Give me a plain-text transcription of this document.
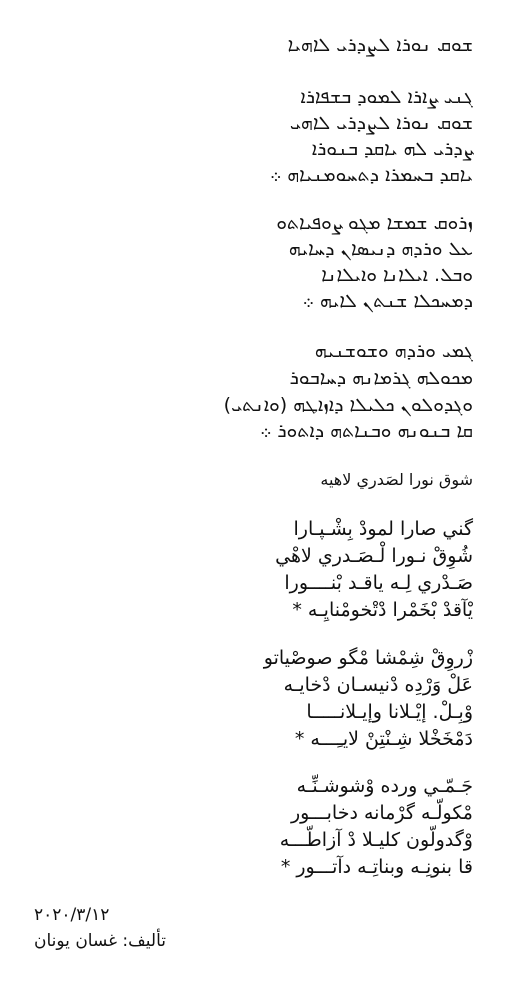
ܫܘܩ ܢܘܪܐ ܠܨܕܪܝ ܠܐܗܝܐ
ܓܢܝ ܨܐܪܐ ܠܡܘܕ ܒܫܦܐܪܐ
ܫܘܩ ܢܘܪܐ ܠܨܕܪܝ ܠܐܗܝ
ܨܕܪܝ ܠܗ ܝܐܩܕ ܒܢܘܪܐ
ܝܐܩܕ ܒܚܡܪܐ ܕܬܚܘܡܢܝܐܗ ܀
ܙܪܘܩ ܫܡܫܐ ܡܓܘ ܨܘܦܝܐܬܘ
ܥܠ ܘܪܕܗ ܕܢܝܣܐܢ ܕܚܐܝܗ
ܘܒܠ. ܐܝܠܐܢܐ ܘܐܝܠܐܢܐ
ܕܡܚܟܠܐ ܫܢܬܢ ܠܐܝܗ ܀
ܓܡܝ ܘܪܕܗ ܘܫܘܫܢܝܗ
ܡܟܘܠܗ ܓܪܡܐܢܗ ܕܚܐܒܘܪ
ܘܓܕܘܠܘܢ ܟܠܝܠܐ ܕܐܙܐܛܗ (ܘܐܢܬܝ)
ܩܐ ܒܢܘܢܗ ܘܒܢܐܬܗ ܕܐܬܘܪ ܀
شوق نورا لصَدري لاهيه
گني صارا لمودْ بِشْـپـارا
شُوِقْ نـورا لْـصَـدري لاهْي
صَـدْري لِـه ياقـد بْنــــورا
يْآقدْ بْخَمْرا دْتْخومْنايِـه *
زْروِقْ شِمْشا مْگو صوصْياتو
عَلْ وَرْدِه دْنيسـان دْخايـه
وْبِـلْ. إيْـلانا وإيـلانـــــا
دَمْخَخْلا شِـنْتِنْ لايـِـــه *
جَـمّـي ورده وْشوشـنِّـه
مْكولّـه گرْمانه دخابـــور
وْگدولّون كليـلا دْ آزاطّـــه
قا بنونِـه وبناتِـه دآتـــور *
٢٠٢٠/٣/١٢
تأليف: غسان يونان
